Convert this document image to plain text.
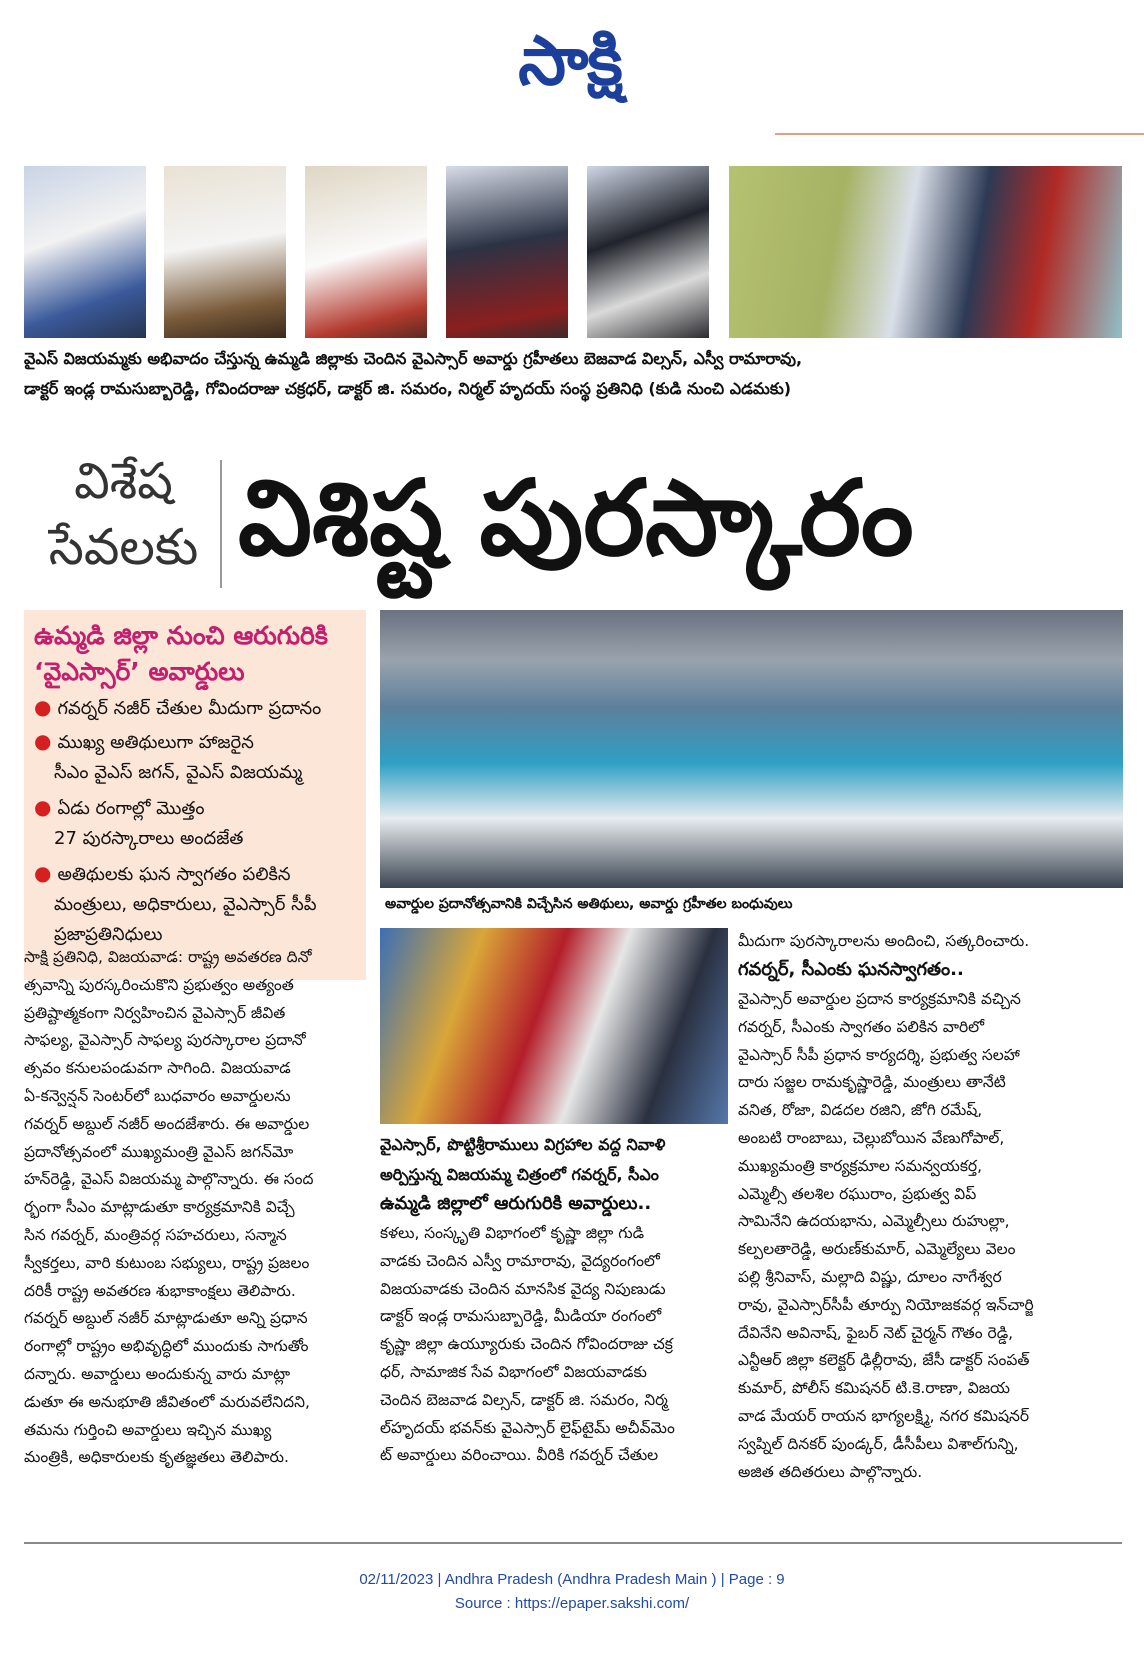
సాక్షి
వైఎస్ విజయమ్మకు అభివాదం చేస్తున్న ఉమ్మడి జిల్లాకు చెందిన వైఎస్సార్ అవార్డు గ్రహీతలు బెజవాడ విల్సన్, ఎస్వీ రామారావు,
డాక్టర్ ఇండ్ల రామసుబ్బారెడ్డి, గోవిందరాజు చక్రధర్, డాక్టర్ జి. సమరం, నిర్మల్ హృదయ్ సంస్థ ప్రతినిధి (కుడి నుంచి ఎడమకు)
విశేష
సేవలకు విశిష్ట పురస్కారం
ఉమ్మడి జిల్లా నుంచి ఆరుగురికి
‘వైఎస్సార్’ అవార్డులు
● గవర్నర్ నజీర్ చేతుల మీదుగా ప్రదానం
● ముఖ్య అతిథులుగా హాజరైన
సీఎం వైఎస్ జగన్, వైఎస్ విజయమ్మ
● ఏడు రంగాల్లో మొత్తం
27 పురస్కారాలు అందజేత
● అతిథులకు ఘన స్వాగతం పలికిన
మంత్రులు, అధికారులు, వైఎస్సార్ సీపీ
ప్రజాప్రతినిధులు
అవార్డుల ప్రదానోత్సవానికి విచ్చేసిన అతిథులు, అవార్డు గ్రహీతల బంధువులు
వైఎస్సార్, పొట్టిశ్రీరాములు విగ్రహాల వద్ద నివాళి
అర్పిస్తున్న విజయమ్మ చిత్రంలో గవర్నర్, సీఎం
సాక్షి ప్రతినిధి, విజయవాడ: రాష్ట్ర అవతరణ దినో
త్సవాన్ని పురస్కరించుకొని ప్రభుత్వం అత్యంత
ప్రతిష్టాత్మకంగా నిర్వహించిన వైఎస్సార్ జీవిత
సాఫల్య, వైఎస్సార్ సాఫల్య పురస్కారాల ప్రదానో
త్సవం కనులపండువగా సాగింది. విజయవాడ
ఏ-కన్వెన్షన్ సెంటర్‌లో బుధవారం అవార్డులను
గవర్నర్ అబ్దుల్ నజీర్ అందజేశారు. ఈ అవార్డుల
ప్రదానోత్సవంలో ముఖ్యమంత్రి వైఎస్ జగన్‌మో
హన్‌రెడ్డి, వైఎస్ విజయమ్మ పాల్గొన్నారు. ఈ సంద
ర్భంగా సీఎం మాట్లాడుతూ కార్యక్రమానికి విచ్చే
సిన గవర్నర్, మంత్రివర్గ సహచరులు, సన్మాన
స్వీకర్తలు, వారి కుటుంబ సభ్యులు, రాష్ట్ర ప్రజలం
దరికీ రాష్ట్ర అవతరణ శుభాకాంక్షలు తెలిపారు.
గవర్నర్ అబ్దుల్ నజీర్ మాట్లాడుతూ అన్ని ప్రధాన
రంగాల్లో రాష్ట్రం అభివృద్ధిలో ముందుకు సాగుతోం
దన్నారు. అవార్డులు అందుకున్న వారు మాట్లా
డుతూ ఈ అనుభూతి జీవితంలో మరువలేనిదని,
తమను గుర్తించి అవార్డులు ఇచ్చిన ముఖ్య
మంత్రికి, అధికారులకు కృతజ్ఞతలు తెలిపారు.
ఉమ్మడి జిల్లాలో ఆరుగురికి అవార్డులు..
కళలు, సంస్కృతి విభాగంలో కృష్ణా జిల్లా గుడి
వాడకు చెందిన ఎస్వీ రామారావు, వైద్యరంగంలో
విజయవాడకు చెందిన మానసిక వైద్య నిపుణుడు
డాక్టర్ ఇండ్ల రామసుబ్బారెడ్డి, మీడియా రంగంలో
కృష్ణా జిల్లా ఉయ్యూరుకు చెందిన గోవిందరాజు చక్ర
ధర్, సామాజిక సేవ విభాగంలో విజయవాడకు
చెందిన బెజవాడ విల్సన్, డాక్టర్ జి. సమరం, నిర్మ
ల్‌హృదయ్ భవన్‌కు వైఎస్సార్ లైఫ్‌టైమ్ అచీవ్‌మెం
ట్ అవార్డులు వరించాయి. వీరికి గవర్నర్ చేతుల
మీదుగా పురస్కారాలను అందించి, సత్కరించారు.
గవర్నర్, సీఎంకు ఘనస్వాగతం..
వైఎస్సార్ అవార్డుల ప్రదాన కార్యక్రమానికి వచ్చిన
గవర్నర్, సీఎంకు స్వాగతం పలికిన వారిలో
వైఎస్సార్ సీపీ ప్రధాన కార్యదర్శి, ప్రభుత్వ సలహా
దారు సజ్జల రామకృష్ణారెడ్డి, మంత్రులు తానేటి
వనిత, రోజా, విడదల రజిని, జోగి రమేష్,
అంబటి రాంబాబు, చెల్లుబోయిన వేణుగోపాల్,
ముఖ్యమంత్రి కార్యక్రమాల సమన్వయకర్త,
ఎమ్మెల్సీ తలశిల రఘురాం, ప్రభుత్వ విప్
సామినేని ఉదయభాను, ఎమ్మెల్సీలు రుహుల్లా,
కల్పలతారెడ్డి, అరుణ్‌కుమార్, ఎమ్మెల్యేలు వెలం
పల్లి శ్రీనివాస్, మల్లాది విష్ణు, దూలం నాగేశ్వర
రావు, వైఎస్సార్‌సీపీ తూర్పు నియోజకవర్గ ఇన్‌చార్జి
దేవినేని అవినాష్, ఫైబర్ నెట్ చైర్మన్ గౌతం రెడ్డి,
ఎన్టీఆర్ జిల్లా కలెక్టర్ ఢిల్లీరావు, జేసీ డాక్టర్ సంపత్
కుమార్, పోలీస్ కమిషనర్ టి.కె.రాణా, విజయ
వాడ మేయర్ రాయన భాగ్యలక్ష్మి, నగర కమిషనర్
స్వప్నిల్ దినకర్ పుండ్కర్, డీసీపీలు విశాల్‌గున్ని,
అజిత తదితరులు పాల్గొన్నారు.
02/11/2023 | Andhra Pradesh (Andhra Pradesh Main ) | Page : 9
Source : https://epaper.sakshi.com/
